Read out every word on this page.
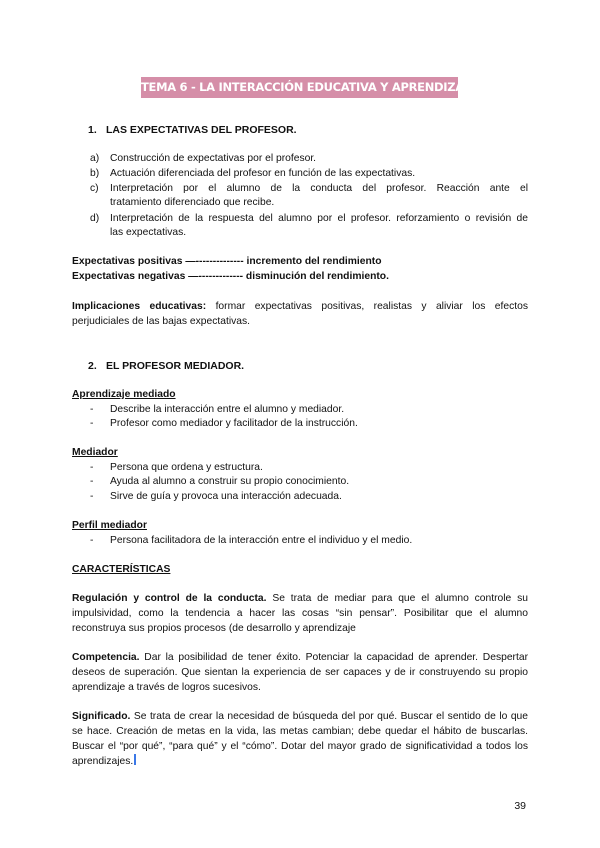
TEMA 6 - LA INTERACCIÓN EDUCATIVA Y APRENDIZAJE ESCOLAR
1. LAS EXPECTATIVAS DEL PROFESOR.
a) Construcción de expectativas por el profesor.
b) Actuación diferenciada del profesor en función de las expectativas.
c)	Interpretación por el alumno de la conducta del profesor. Reacción ante el
tratamiento diferenciado que recibe.
d)	Interpretación de la respuesta del alumno por el profesor. reforzamiento o revisión de
las expectativas.
Expectativas positivas —-------------- incremento del rendimiento
Expectativas negativas —------------- disminución del rendimiento.
Implicaciones educativas: formar expectativas positivas, realistas y aliviar los efectos perjudiciales de las bajas expectativas.
2. EL PROFESOR MEDIADOR.
Aprendizaje mediado
- Describe la interacción entre el alumno y mediador.
- Profesor como mediador y facilitador de la instrucción.
Mediador
- Persona que ordena y estructura.
- Ayuda al alumno a construir su propio conocimiento.
- Sirve de guía y provoca una interacción adecuada.
Perfil mediador
- Persona facilitadora de la interacción entre el individuo y el medio.
CARACTERÍSTICAS
Regulación y control de la conducta. Se trata de mediar para que el alumno controle su impulsividad, como la tendencia a hacer las cosas “sin pensar”. Posibilitar que el alumno reconstruya sus propios procesos (de desarrollo y aprendizaje
Competencia. Dar la posibilidad de tener éxito. Potenciar la capacidad de aprender. Despertar deseos de superación. Que sientan la experiencia de ser capaces y de ir construyendo su propio aprendizaje a través de logros sucesivos.
Significado. Se trata de crear la necesidad de búsqueda del por qué. Buscar el sentido de lo que se hace. Creación de metas en la vida, las metas cambian; debe quedar el hábito de buscarlas. Buscar el “por qué”, “para qué” y el “cómo”. Dotar del mayor grado de significatividad a todos los aprendizajes.
39
